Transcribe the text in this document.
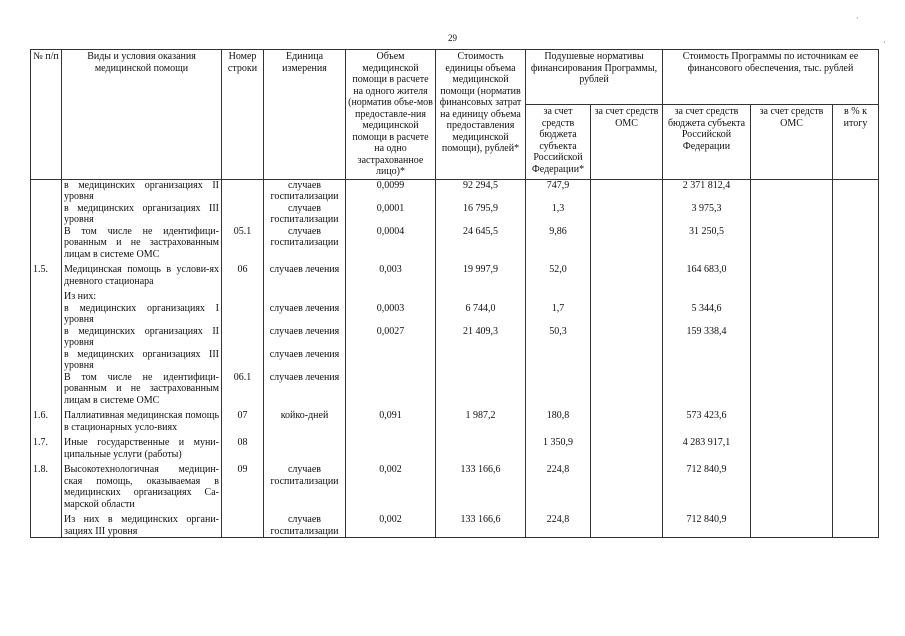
29
№ п/п	Виды и условия оказания медицинской помощи	Номер строки	Единица измерения	Объем медицинской помощи в расчете на одного жителя (норматив объе-мов предоставле-ния медицинской помощи в расчете на одно застрахованное лицо)*	Стоимость единицы объема медицинской помощи (норматив финансовых затрат на единицу объема предоставления медицинской помощи), рублей*	Подушевые нормативы финансирования Программы, рублей		Стоимость Программы по источникам ее финансового обеспечения, тыс. рублей		
						за счет средств бюджета субъекта Российской Федерации*	за счет средств ОМС	за счет средств бюджета субъекта Российской Федерации	за счет средств ОМС	в % к итогу
	в медицинских организациях II уровня		случаев госпитализации	0,0099	92 294,5	747,9		2 371 812,4		
	в медицинских организациях III уровня		случаев госпитализации	0,0001	16 795,9	1,3		3 975,3		
	В том числе не идентифици-рованным и не застрахованным лицам в системе ОМС	05.1	случаев госпитализации	0,0004	24 645,5	9,86		31 250,5		
1.5.	Медицинская помощь в услови-ях дневного стационара	06	случаев лечения	0,003	19 997,9	52,0		164 683,0		
	Из них:									
	в медицинских организациях I уровня		случаев лечения	0,0003	6 744,0	1,7		5 344,6		
	в медицинских организациях II уровня		случаев лечения	0,0027	21 409,3	50,3		159 338,4		
	в медицинских организациях III уровня		случаев лечения							
	В том числе не идентифици-рованным и не застрахованным лицам в системе ОМС	06.1	случаев лечения							
1.6.	Паллиативная медицинская помощь в стационарных усло-виях	07	койко-дней	0,091	1 987,2	180,8		573 423,6		
1.7.	Иные государственные и муни-ципальные услуги (работы)	08				1 350,9		4 283 917,1		
1.8.	Высокотехнологичная медицин-ская помощь, оказываемая в медицинских организациях Са-марской области	09	случаев госпитализации	0,002	133 166,6	224,8		712 840,9		
	Из них в медицинских органи-зациях III уровня		случаев госпитализации	0,002	133 166,6	224,8		712 840,9		
·
·
